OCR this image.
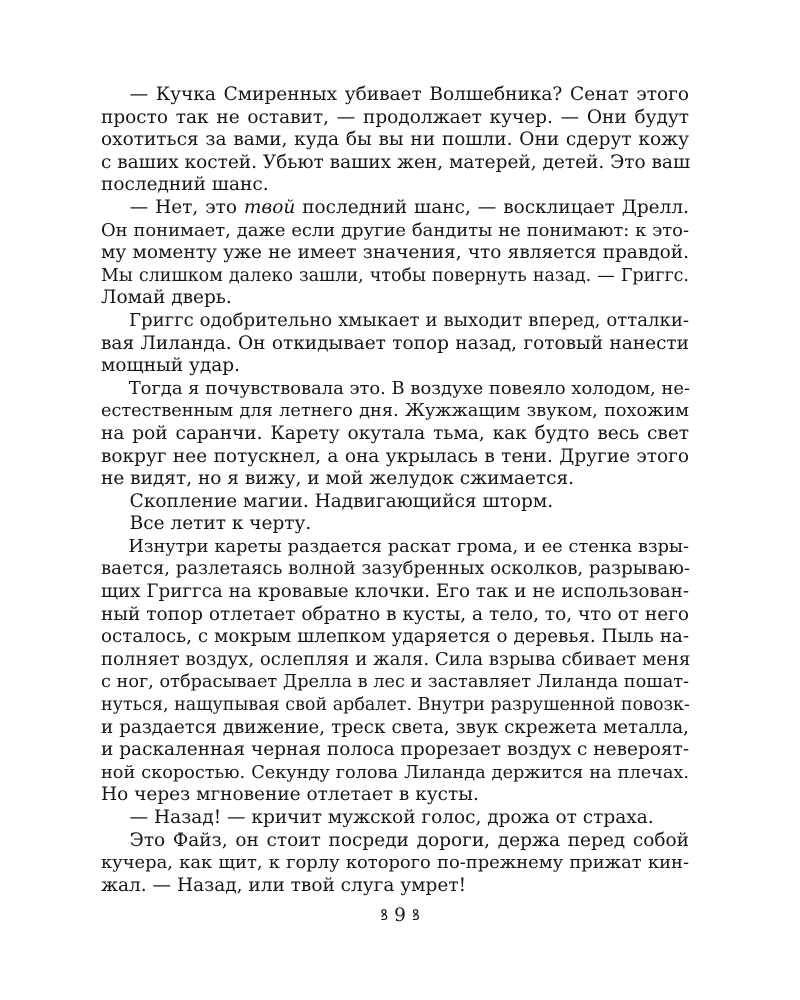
— Кучка Смиренных убивает Волшебника? Сенат этого
просто так не оставит, — продолжает кучер. — Они будут
охотиться за вами, куда бы вы ни пошли. Они сдерут кожу
с ваших костей. Убьют ваших жен, матерей, детей. Это ваш
последний шанс.
— Нет, это твой последний шанс, — восклицает Дрелл.
Он понимает, даже если другие бандиты не понимают: к это-
му моменту уже не имеет значения, что является правдой.
Мы слишком далеко зашли, чтобы повернуть назад. — Григгс.
Ломай дверь.
Григгс одобрительно хмыкает и выходит вперед, отталки-
вая Лиланда. Он откидывает топор назад, готовый нанести
мощный удар.
Тогда я почувствовала это. В воздухе повеяло холодом, не-
естественным для летнего дня. Жужжащим звуком, похожим
на рой саранчи. Карету окутала тьма, как будто весь свет
вокруг нее потускнел, а она укрылась в тени. Другие этого
не видят, но я вижу, и мой желудок сжимается.
Скопление магии. Надвигающийся шторм.
Все летит к черту.
Изнутри кареты раздается раскат грома, и ее стенка взры-
вается, разлетаясь волной зазубренных осколков, разрываю-
щих Григгса на кровавые клочки. Его так и не использован-
ный топор отлетает обратно в кусты, а тело, то, что от него
осталось, с мокрым шлепком ударяется о деревья. Пыль на-
полняет воздух, ослепляя и жаля. Сила взрыва сбивает меня
с ног, отбрасывает Дрелла в лес и заставляет Лиланда пошат-
нуться, нащупывая свой арбалет. Внутри разрушенной повозк-
и раздается движение, треск света, звук скрежета металла,
и раскаленная черная полоса прорезает воздух с невероят-
ной скоростью. Секунду голова Лиланда держится на плечах.
Но через мгновение отлетает в кусты.
— Назад! — кричит мужской голос, дрожа от страха.
Это Файз, он стоит посреди дороги, держа перед собой
кучера, как щит, к горлу которого по-прежнему прижат кин-
жал. — Назад, или твой слуга умрет!
ꝸ 9 ꝸ
